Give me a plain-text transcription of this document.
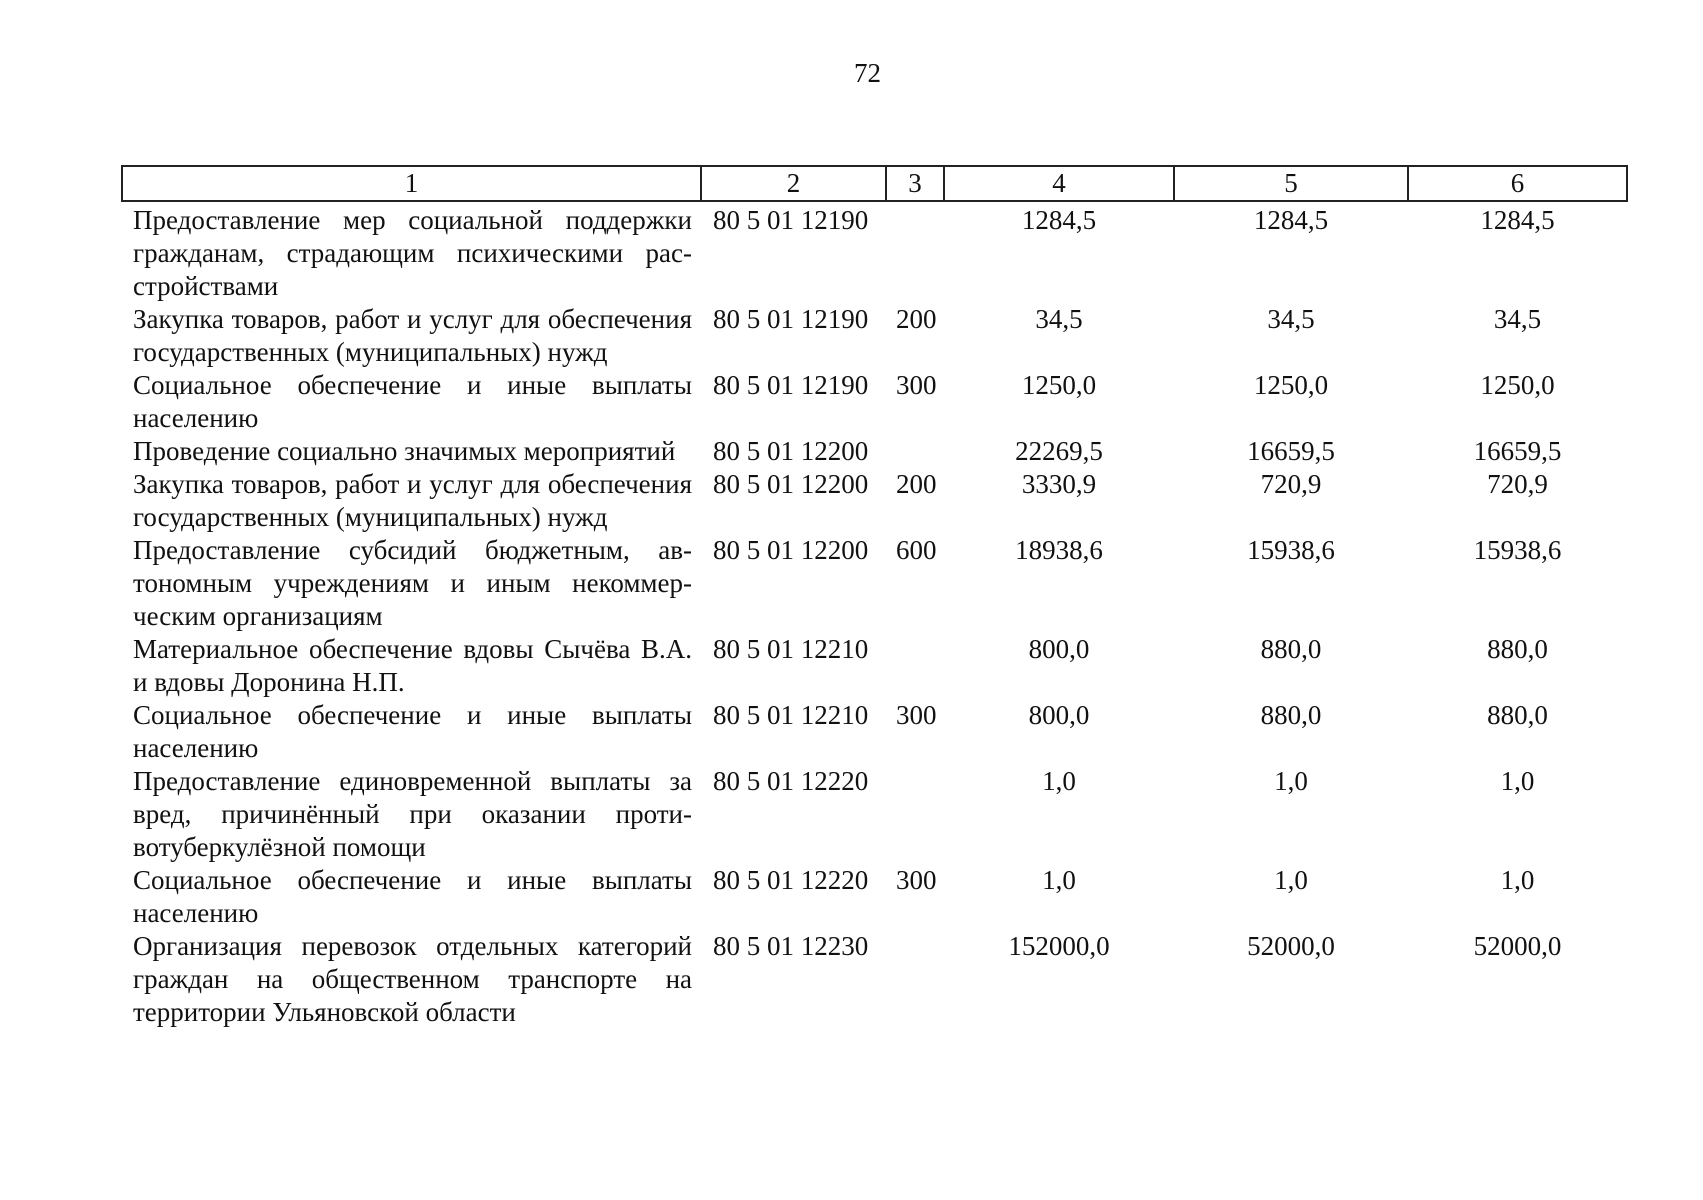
72
1	2	3	4	5	6
Предоставление мер социальной поддержки гражданам, страдающим психическими расстройствами	80 5 01 12190		1284,5	1284,5	1284,5
Закупка товаров, работ и услуг для обеспечения государственных (муниципальных) нужд	80 5 01 12190	200	34,5	34,5	34,5
Социальное обеспечение и иные выплаты населению	80 5 01 12190	300	1250,0	1250,0	1250,0
Проведение социально значимых мероприятий	80 5 01 12200		22269,5	16659,5	16659,5
Закупка товаров, работ и услуг для обеспечения государственных (муниципальных) нужд	80 5 01 12200	200	3330,9	720,9	720,9
Предоставление субсидий бюджетным, автономным учреждениям и иным некоммерческим организациям	80 5 01 12200	600	18938,6	15938,6	15938,6
Материальное обеспечение вдовы Сычёва В.А. и вдовы Доронина Н.П.	80 5 01 12210		800,0	880,0	880,0
Социальное обеспечение и иные выплаты населению	80 5 01 12210	300	800,0	880,0	880,0
Предоставление единовременной выплаты за вред, причинённый при оказании противотуберкулёзной помощи	80 5 01 12220		1,0	1,0	1,0
Социальное обеспечение и иные выплаты населению	80 5 01 12220	300	1,0	1,0	1,0
Организация перевозок отдельных категорий граждан на общественном транспорте на территории Ульяновской области	80 5 01 12230		152000,0	52000,0	52000,0
